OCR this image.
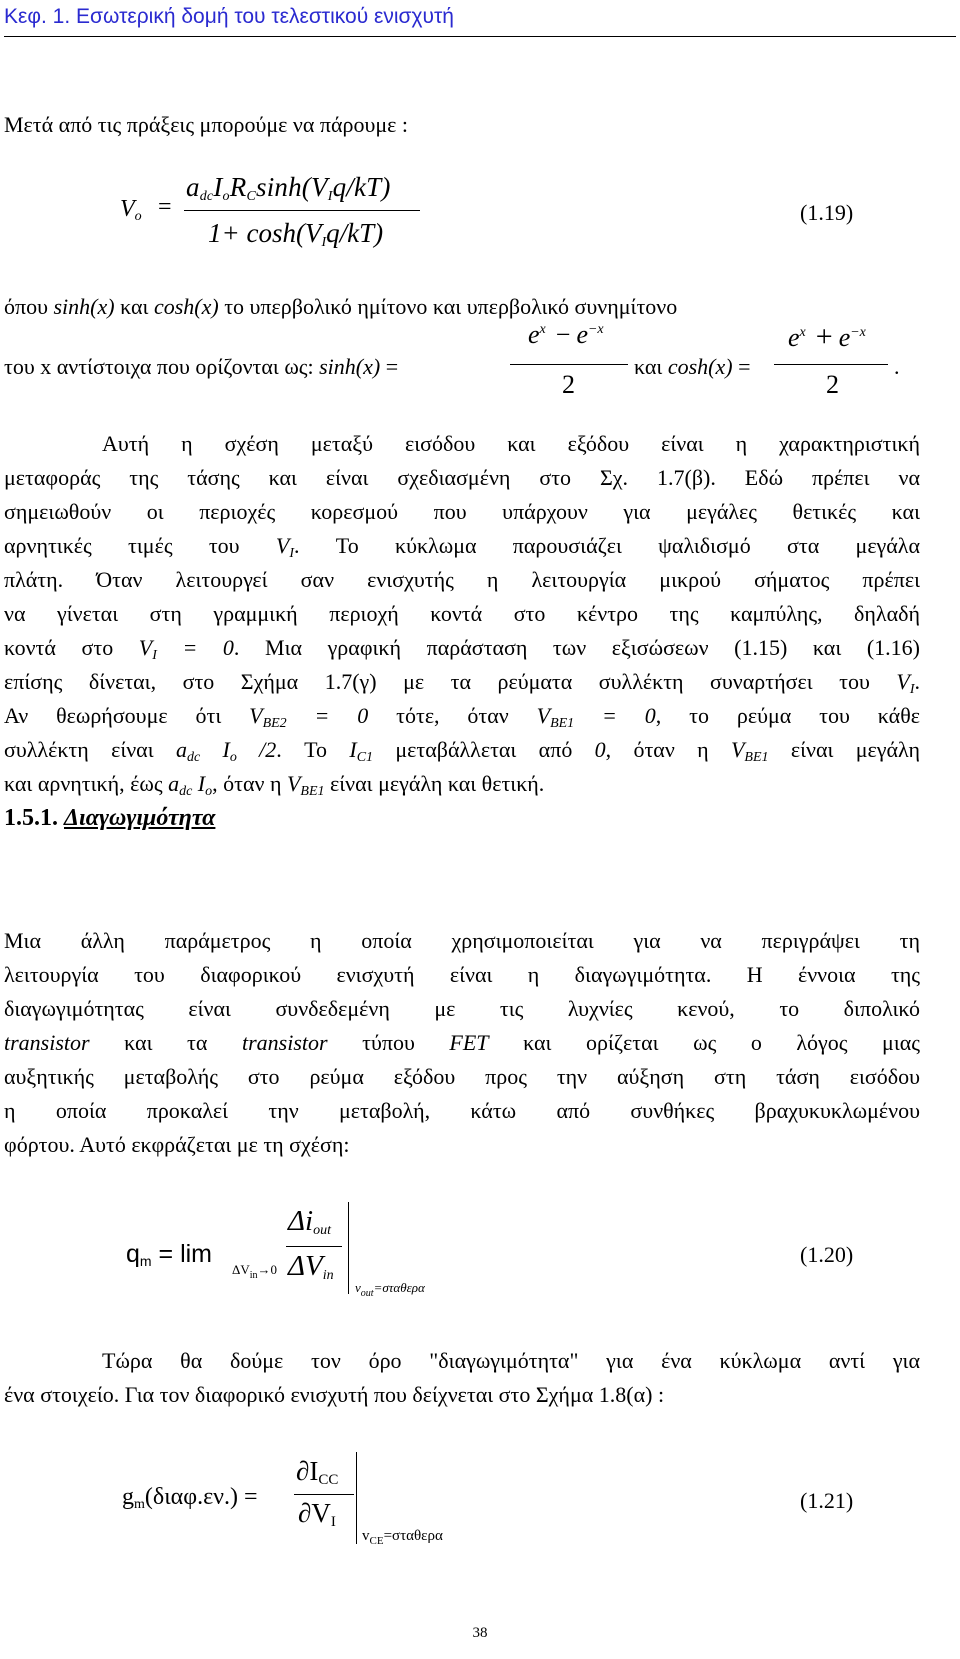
Κεφ. 1. Εσωτερική δομή του τελεστικού ενισχυτή
Μετά από τις πράξεις μπορούμε να πάρουμε :
$V_o$ =
$a_{dc}I_oR_C\sinh(V_Iq/kT)$
$1+ \cosh(V_Iq/kT)$
(1.19)
όπου sinh(x) και cosh(x) το υπερβολικό ημίτονο και υπερβολικό συνημίτονο
του x αντίστοιχα που ορίζονται ως: sinh(x) =
$e^x - e^{-x}$
2
και cosh(x) =
$e^x + e^{-x}$
2
.
Αυτή η σχέση μεταξύ εισόδου και εξόδου είναι η χαρακτηριστική
μεταφοράς της τάσης και είναι σχεδιασμένη στο Σχ. 1.7(β). Εδώ πρέπει να
σημειωθούν οι περιοχές κορεσμού που υπάρχουν για μεγάλες θετικές και
αρνητικές τιμές του $V_I$. Το κύκλωμα παρουσιάζει ψαλιδισμό στα μεγάλα
πλάτη. Όταν λειτουργεί σαν ενισχυτής η λειτουργία μικρού σήματος πρέπει
να γίνεται στη γραμμική περιοχή κοντά στο κέντρο της καμπύλης, δηλαδή
κοντά στο $V_I = 0$. Μια γραφική παράσταση των εξισώσεων (1.15) και (1.16)
επίσης δίνεται, στο Σχήμα 1.7(γ) με τα ρεύματα συλλέκτη συναρτήσει του $V_I$.
Αν θεωρήσουμε ότι $V_{BE2} = 0$ τότε, όταν $V_{BE1} = 0$, το ρεύμα του κάθε
συλλέκτη είναι $a_{dc}$ $I_o$ /2. Το $I_{C1}$ μεταβάλλεται από 0, όταν η $V_{BE1}$ είναι μεγάλη
και αρνητική, έως $a_{dc}$ $I_o$, όταν η $V_{BE1}$ είναι μεγάλη και θετική.
1.5.1. Διαγωγιμότητα
Μια άλλη παράμετρος η οποία χρησιμοποιείται για να περιγράψει τη
λειτουργία του διαφορικού ενισχυτή είναι η διαγωγιμότητα. Η έννοια της
διαγωγιμότητας είναι συνδεδεμένη με τις λυχνίες κενού, το διπολικό
transistor και τα transistor τύπου FET και ορίζεται ως ο λόγος μιας
αυξητικής μεταβολής στο ρεύμα εξόδου προς την αύξηση στη τάση εισόδου
η οποία προκαλεί την μεταβολή, κάτω από συνθήκες βραχυκυκλωμένου
φόρτου. Αυτό εκφράζεται με τη σχέση:
$q_m = \lim$
$\Delta V_{in}\to 0$
$\Delta i_{out}$
$\Delta V_{in}$
$v_{out}=\sigma\tau\alpha\theta\varepsilon\rho\alpha$
(1.20)
Τώρα θα δούμε τον όρο "διαγωγιμότητα" για ένα κύκλωμα αντί για
ένα στοιχείο. Για τον διαφορικό ενισχυτή που δείχνεται στο Σχήμα 1.8(α) :
$g_m(\delta\iota\alpha\varphi.\varepsilon\nu.)$ =
$\partial I_{CC}$
$\partial V_I$
$v_{CE}=\sigma\tau\alpha\theta\varepsilon\rho\alpha$
(1.21)
38
